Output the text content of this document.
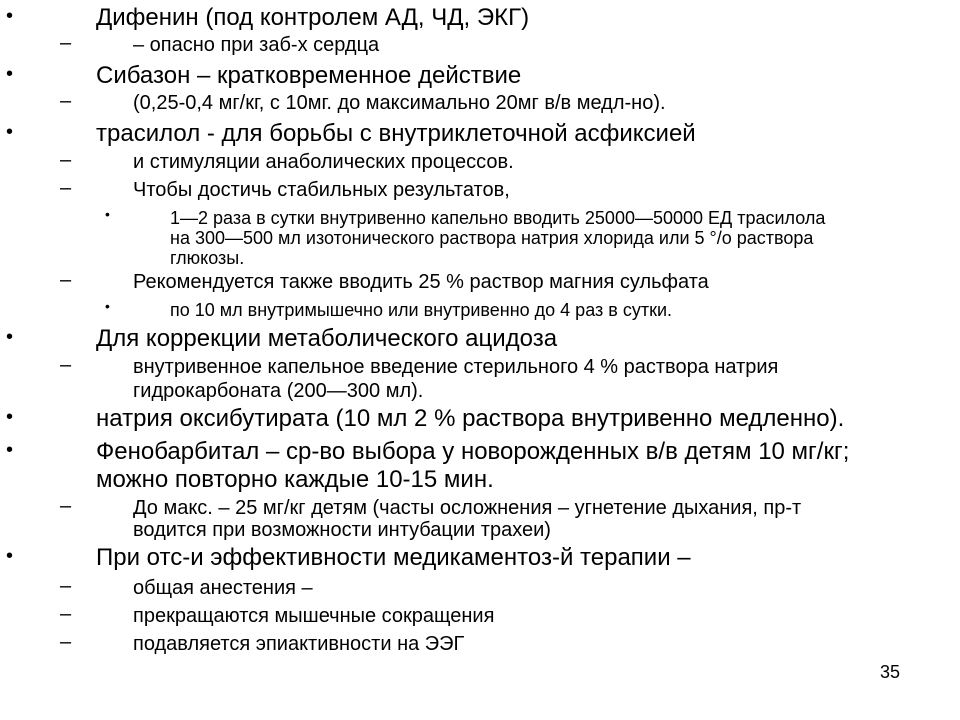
•	Дифенин (под контролем АД, ЧД, ЭКГ)
–	– опасно при заб-х сердца
•	Сибазон – кратковременное действие
–	(0,25-0,4 мг/кг, с 10мг. до максимально 20мг в/в медл-но).
•	трасилол - для борьбы с внутриклеточной асфиксией
–	и стимуляции анаболических процессов.
–	Чтобы достичь стабильных результатов,
•	1—2 раза в сутки внутривенно капельно вводить 25000—50000 ЕД трасилола
на 300—500 мл изотонического раствора натрия хлорида или 5 °/о раствора
глюкозы.
–	Рекомендуется также вводить 25 % раствор магния сульфата
•	по 10 мл внутримышечно или внутривенно до 4 раз в сутки.
•	Для коррекции метаболического ацидоза
–	внутривенное капельное введение стерильного 4 % раствора натрия
гидрокарбоната (200—300 мл).
•	натрия оксибутирата (10 мл 2 % раствора внутривенно медленно).
•	Фенобарбитал – ср-во выбора у новорожденных в/в детям 10 мг/кг;
можно повторно каждые 10-15 мин.
–	До макс. – 25 мг/кг детям (часты осложнения – угнетение дыхания, пр-т
водится при возможности интубации трахеи)
•	При отс-и эффективности медикаментоз-й терапии –
–	общая анестения –
–	прекращаются мышечные сокращения
–	подавляется эпиактивности на ЭЭГ
35
